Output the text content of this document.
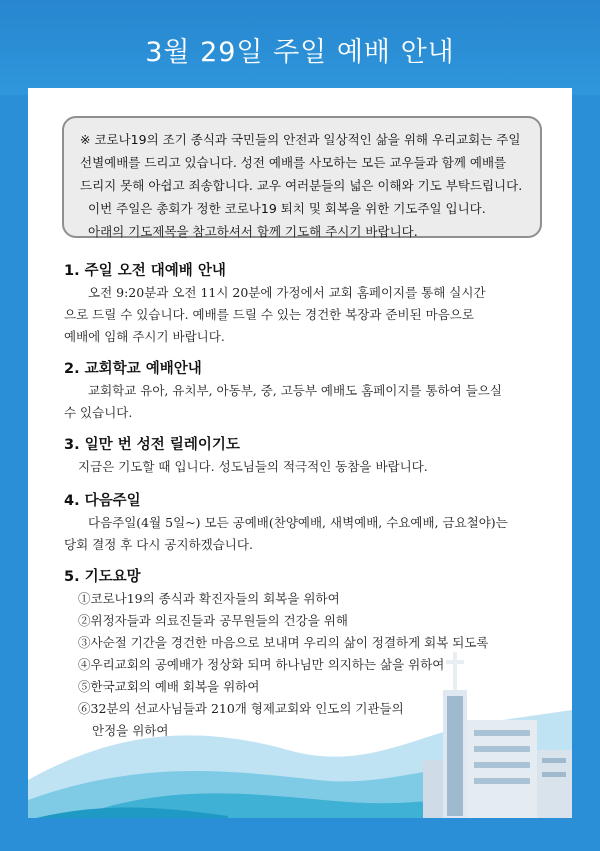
3월 29일 주일 예배 안내
※ 코로나19의 조기 종식과 국민들의 안전과 일상적인 삶을 위해 우리교회는 주일
선별예배를 드리고 있습니다. 성전 예배를 사모하는 모든 교우들과 함께 예배를
드리지 못해 아쉽고 죄송합니다. 교우 여러분들의 넓은 이해와 기도 부탁드립니다.
이번 주일은 총회가 정한 코로나19 퇴치 및 회복을 위한 기도주일 입니다.
아래의 기도제목을 참고하셔서 함께 기도해 주시기 바랍니다.
1. 주일 오전 대예배 안내
오전 9:20분과 오전 11시 20분에 가정에서 교회 홈페이지를 통해 실시간
으로 드릴 수 있습니다. 예배를 드릴 수 있는 경건한 복장과 준비된 마음으로
예배에 임해 주시기 바랍니다.
2. 교회학교 예배안내
교회학교 유아, 유치부, 아동부, 중, 고등부 예배도 홈페이지를 통하여 들으실
수 있습니다.
3. 일만 번 성전 릴레이기도
지금은 기도할 때 입니다. 성도님들의 적극적인 동참을 바랍니다.
4. 다음주일
다음주일(4월 5일~) 모든 공예배(찬양예배, 새벽예배, 수요예배, 금요철야)는
당회 결정 후 다시 공지하겠습니다.
5. 기도요망
①코로나19의 종식과 확진자들의 회복을 위하여
②위정자들과 의료진들과 공무원들의 건강을 위해
③사순절 기간을 경건한 마음으로 보내며 우리의 삶이 정결하게 회복 되도록
④우리교회의 공예배가 정상화 되며 하나님만 의지하는 삶을 위하여
⑤한국교회의 예배 회복을 위하여
⑥32분의 선교사님들과 210개 형제교회와 인도의 기관들의
안정을 위하여
